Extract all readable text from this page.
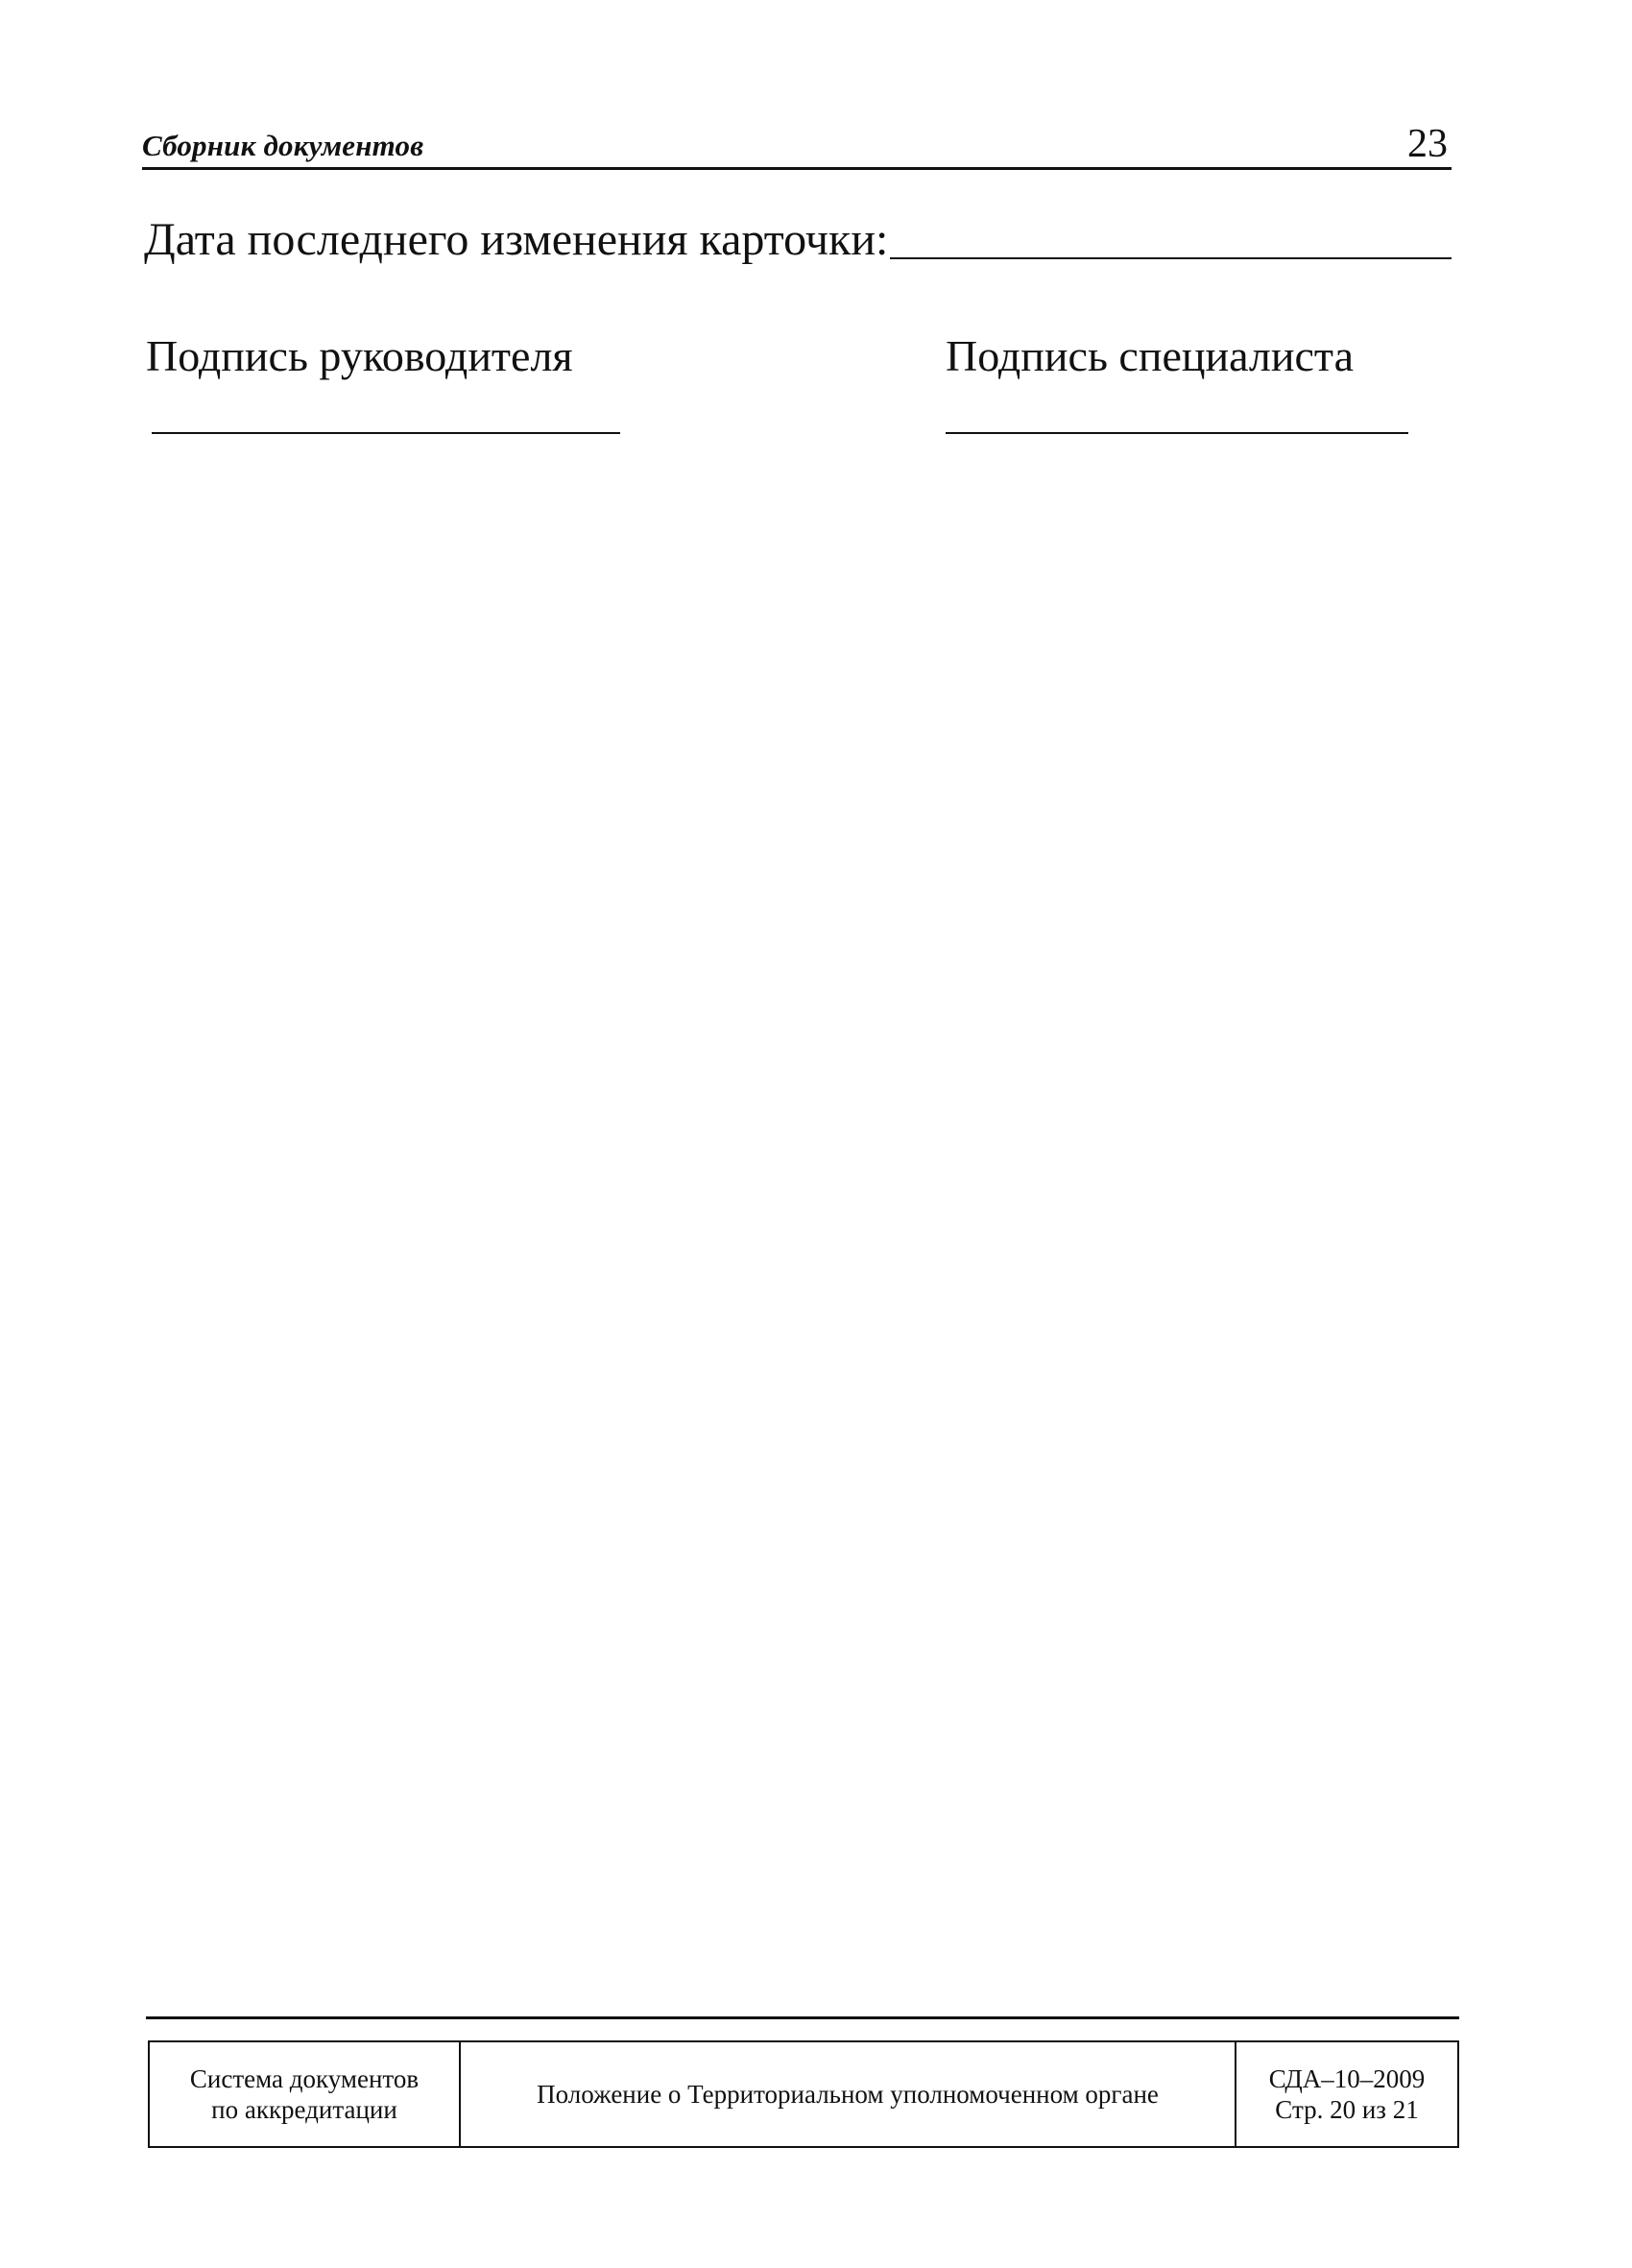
Сборник документов	23
Дата последнего изменения карточки:
Подпись руководителя	Подпись специалиста
Система документов
по аккредитации
Положение о Территориальном уполномоченном органе
СДА–10–2009
Стр. 20 из 21
